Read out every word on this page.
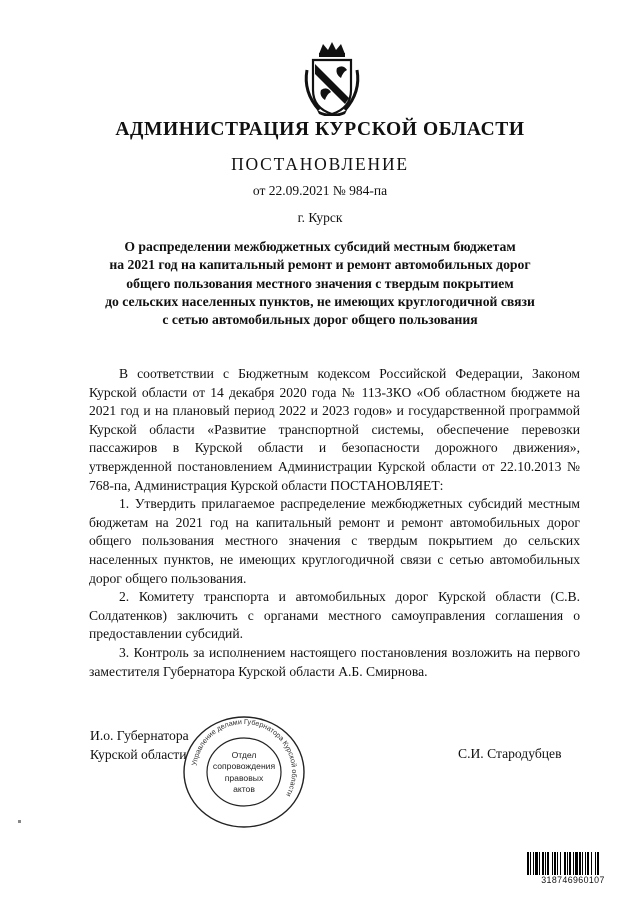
АДМИНИСТРАЦИЯ КУРСКОЙ ОБЛАСТИ
ПОСТАНОВЛЕНИЕ
от 22.09.2021 № 984-па
г. Курск
О распределении межбюджетных субсидий местным бюджетам
на 2021 год на капитальный ремонт и ремонт автомобильных дорог
общего пользования местного значения с твердым покрытием
до сельских населенных пунктов, не имеющих круглогодичной связи
с сетью автомобильных дорог общего пользования

В соответствии с Бюджетным кодексом Российской Федерации, Законом Курской области от 14 декабря 2020 года № 113-ЗКО «Об областном бюджете на 2021 год и на плановый период 2022 и 2023 годов» и государственной программой Курской области «Развитие транспортной системы, обеспечение перевозки пассажиров в Курской области и безопасности дорожного движения», утвержденной постановлением Администрации Курской области от 22.10.2013 № 768-па, Администрация Курской области ПОСТАНОВЛЯЕТ:

1. Утвердить прилагаемое распределение межбюджетных субсидий местным бюджетам на 2021 год на капитальный ремонт и ремонт автомобильных дорог общего пользования местного значения с твердым покрытием до сельских населенных пунктов, не имеющих круглогодичной связи с сетью автомобильных дорог общего пользования.

2. Комитету транспорта и автомобильных дорог Курской области (С.В. Солдатенков) заключить с органами местного самоуправления соглашения о предоставлении субсидий.

3. Контроль за исполнением настоящего постановления возложить на первого заместителя Губернатора Курской области А.Б. Смирнова.

И.о. Губернатора
Курской области
Управление делами Губернатора Курской области
Отдел
сопровождения
правовых
актов
С.И. Стародубцев
318746960107
